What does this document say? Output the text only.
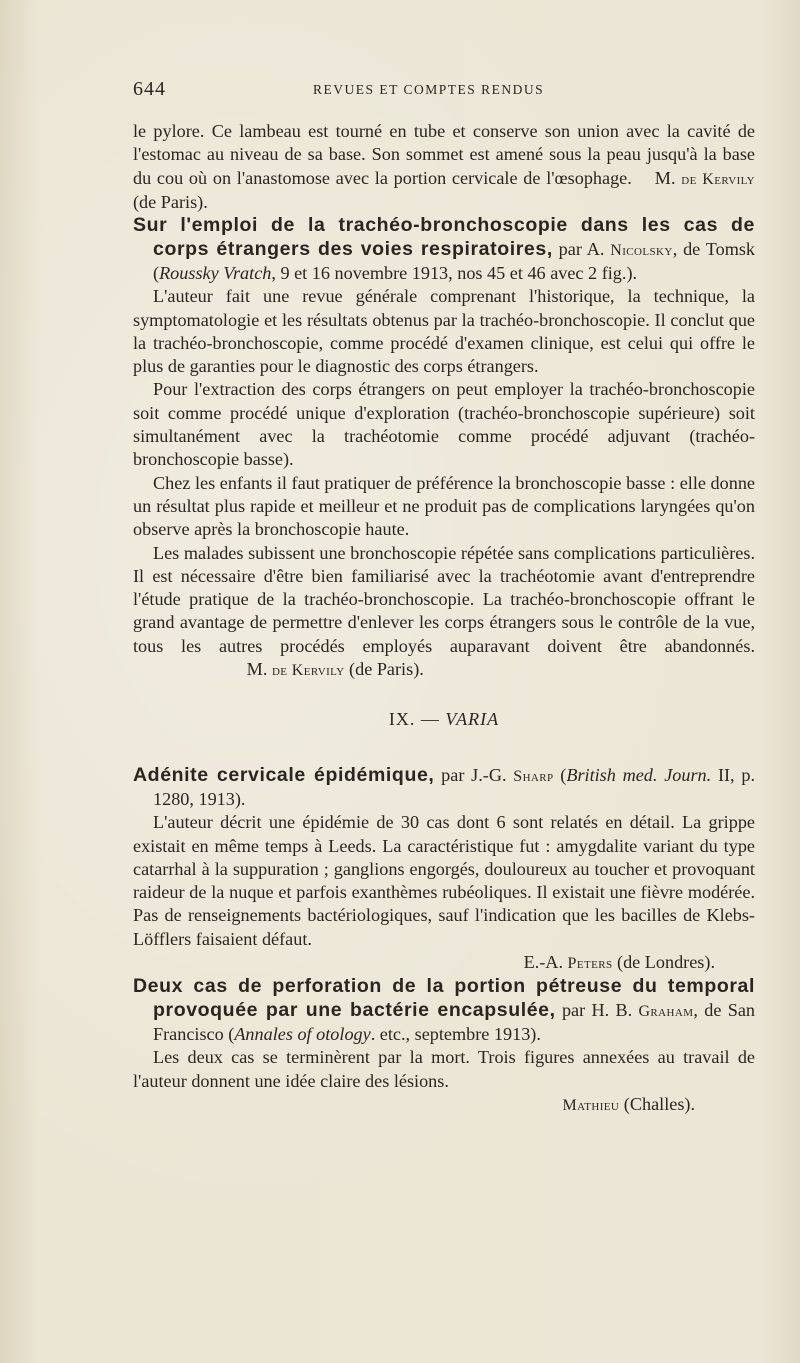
644	REVUES ET COMPTES RENDUS

le pylore. Ce lambeau est tourné en tube et conserve son union avec la cavité de l'estomac au niveau de sa base. Son sommet est amené sous la peau jusqu'à la base du cou où on l'anastomose avec la portion cervicale de l'œsophage. M. de Kervily (de Paris).

Sur l'emploi de la trachéo-bronchoscopie dans les cas de corps étrangers des voies respiratoires, par A. Nicolsky, de Tomsk (Roussky Vratch, 9 et 16 novembre 1913, nos 45 et 46 avec 2 fig.).

L'auteur fait une revue générale comprenant l'historique, la technique, la symptomatologie et les résultats obtenus par la trachéo-bronchoscopie. Il conclut que la trachéo-bronchoscopie, comme procédé d'examen clinique, est celui qui offre le plus de garanties pour le diagnostic des corps étrangers.

Pour l'extraction des corps étrangers on peut employer la trachéo-bronchoscopie soit comme procédé unique d'exploration (trachéo-bronchoscopie supérieure) soit simultanément avec la trachéotomie comme procédé adjuvant (trachéo-bronchoscopie basse).

Chez les enfants il faut pratiquer de préférence la bronchoscopie basse : elle donne un résultat plus rapide et meilleur et ne produit pas de complications laryngées qu'on observe après la bronchoscopie haute.

Les malades subissent une bronchoscopie répétée sans complications particulières. Il est nécessaire d'être bien familiarisé avec la trachéotomie avant d'entreprendre l'étude pratique de la trachéo-bronchoscopie. La trachéo-bronchoscopie offrant le grand avantage de permettre d'enlever les corps étrangers sous le contrôle de la vue, tous les autres procédés employés auparavant doivent être abandonnés.                          M. de Kervily (de Paris).

IX. — VARIA

Adénite cervicale épidémique, par J.-G. Sharp (British med. Journ. II, p. 1280, 1913).

L'auteur décrit une épidémie de 30 cas dont 6 sont relatés en détail. La grippe existait en même temps à Leeds. La caractéristique fut : amygdalite variant du type catarrhal à la suppuration ; ganglions engorgés, douloureux au toucher et provoquant raideur de la nuque et parfois exanthèmes rubéoliques. Il existait une fièvre modérée. Pas de renseignements bactériologiques, sauf l'indication que les bacilles de Klebs-Löfflers faisaient défaut.

E.-A. Peters (de Londres).

Deux cas de perforation de la portion pétreuse du temporal provoquée par une bactérie encapsulée, par H. B. Graham, de San Francisco (Annales of otology. etc., septembre 1913).

Les deux cas se terminèrent par la mort. Trois figures annexées au travail de l'auteur donnent une idée claire des lésions.

Mathieu (Challes).
